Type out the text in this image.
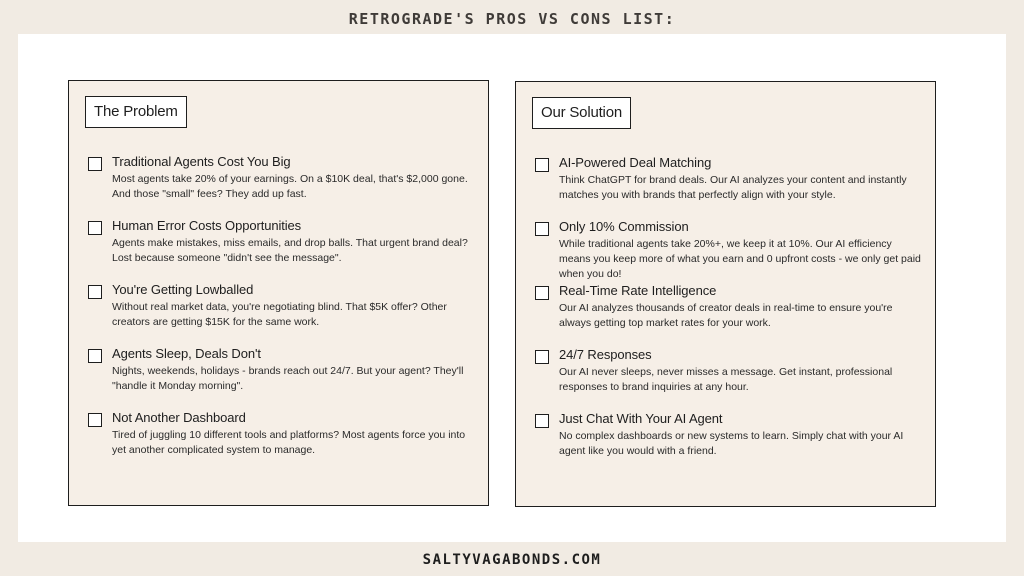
RETROGRADE'S PROS VS CONS LIST:
The Problem
Traditional Agents Cost You Big
Most agents take 20% of your earnings. On a $10K deal, that's $2,000 gone. And those "small" fees? They add up fast.
Human Error Costs Opportunities
Agents make mistakes, miss emails, and drop balls. That urgent brand deal? Lost because someone "didn't see the message".
You're Getting Lowballed
Without real market data, you're negotiating blind. That $5K offer? Other creators are getting $15K for the same work.
Agents Sleep, Deals Don't
Nights, weekends, holidays - brands reach out 24/7. But your agent? They'll "handle it Monday morning".
Not Another Dashboard
Tired of juggling 10 different tools and platforms? Most agents force you into yet another complicated system to manage.
Our Solution
AI-Powered Deal Matching
Think ChatGPT for brand deals. Our AI analyzes your content and instantly matches you with brands that perfectly align with your style.
Only 10% Commission
While traditional agents take 20%+, we keep it at 10%. Our AI efficiency means you keep more of what you earn and 0 upfront costs - we only get paid when you do!
Real-Time Rate Intelligence
Our AI analyzes thousands of creator deals in real-time to ensure you're always getting top market rates for your work.
24/7 Responses
Our AI never sleeps, never misses a message. Get instant, professional responses to brand inquiries at any hour.
Just Chat With Your AI Agent
No complex dashboards or new systems to learn. Simply chat with your AI agent like you would with a friend.
SALTYVAGABONDS.COM
